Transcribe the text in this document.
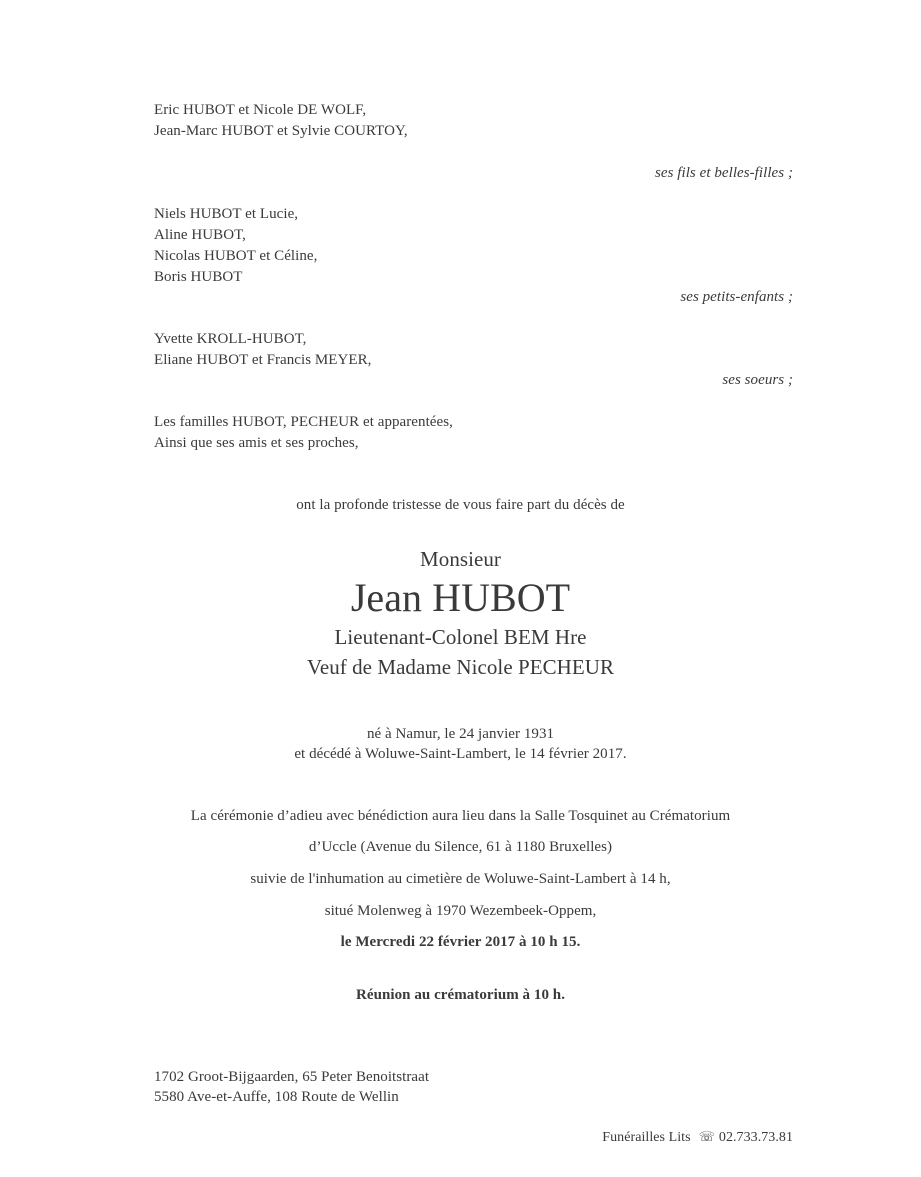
Eric HUBOT et Nicole DE WOLF,
Jean-Marc HUBOT et Sylvie COURTOY,
ses fils et belles-filles ;
Niels HUBOT et Lucie,
Aline HUBOT,
Nicolas HUBOT et Céline,
Boris HUBOT
ses petits-enfants ;
Yvette KROLL-HUBOT,
Eliane HUBOT et Francis MEYER,
ses soeurs ;
Les familles HUBOT, PECHEUR et apparentées,
Ainsi que ses amis et ses proches,
ont la profonde tristesse de vous faire part du décès de
Monsieur
Jean HUBOT
Lieutenant-Colonel BEM Hre
Veuf de Madame Nicole PECHEUR
né à Namur, le 24 janvier 1931
et décédé à Woluwe-Saint-Lambert, le 14 février 2017.
La cérémonie d’adieu avec bénédiction aura lieu dans la Salle Tosquinet au Crématorium
d’Uccle (Avenue du Silence, 61 à 1180 Bruxelles)
suivie de l'inhumation au cimetière de Woluwe-Saint-Lambert à 14 h,
situé Molenweg à 1970 Wezembeek-Oppem,
le Mercredi 22 février 2017 à 10 h 15.
Réunion au crématorium à 10 h.
1702 Groot-Bijgaarden, 65 Peter Benoitstraat
5580 Ave-et-Auffe, 108 Route de Wellin
Funérailles Lits ☏ 02.733.73.81
